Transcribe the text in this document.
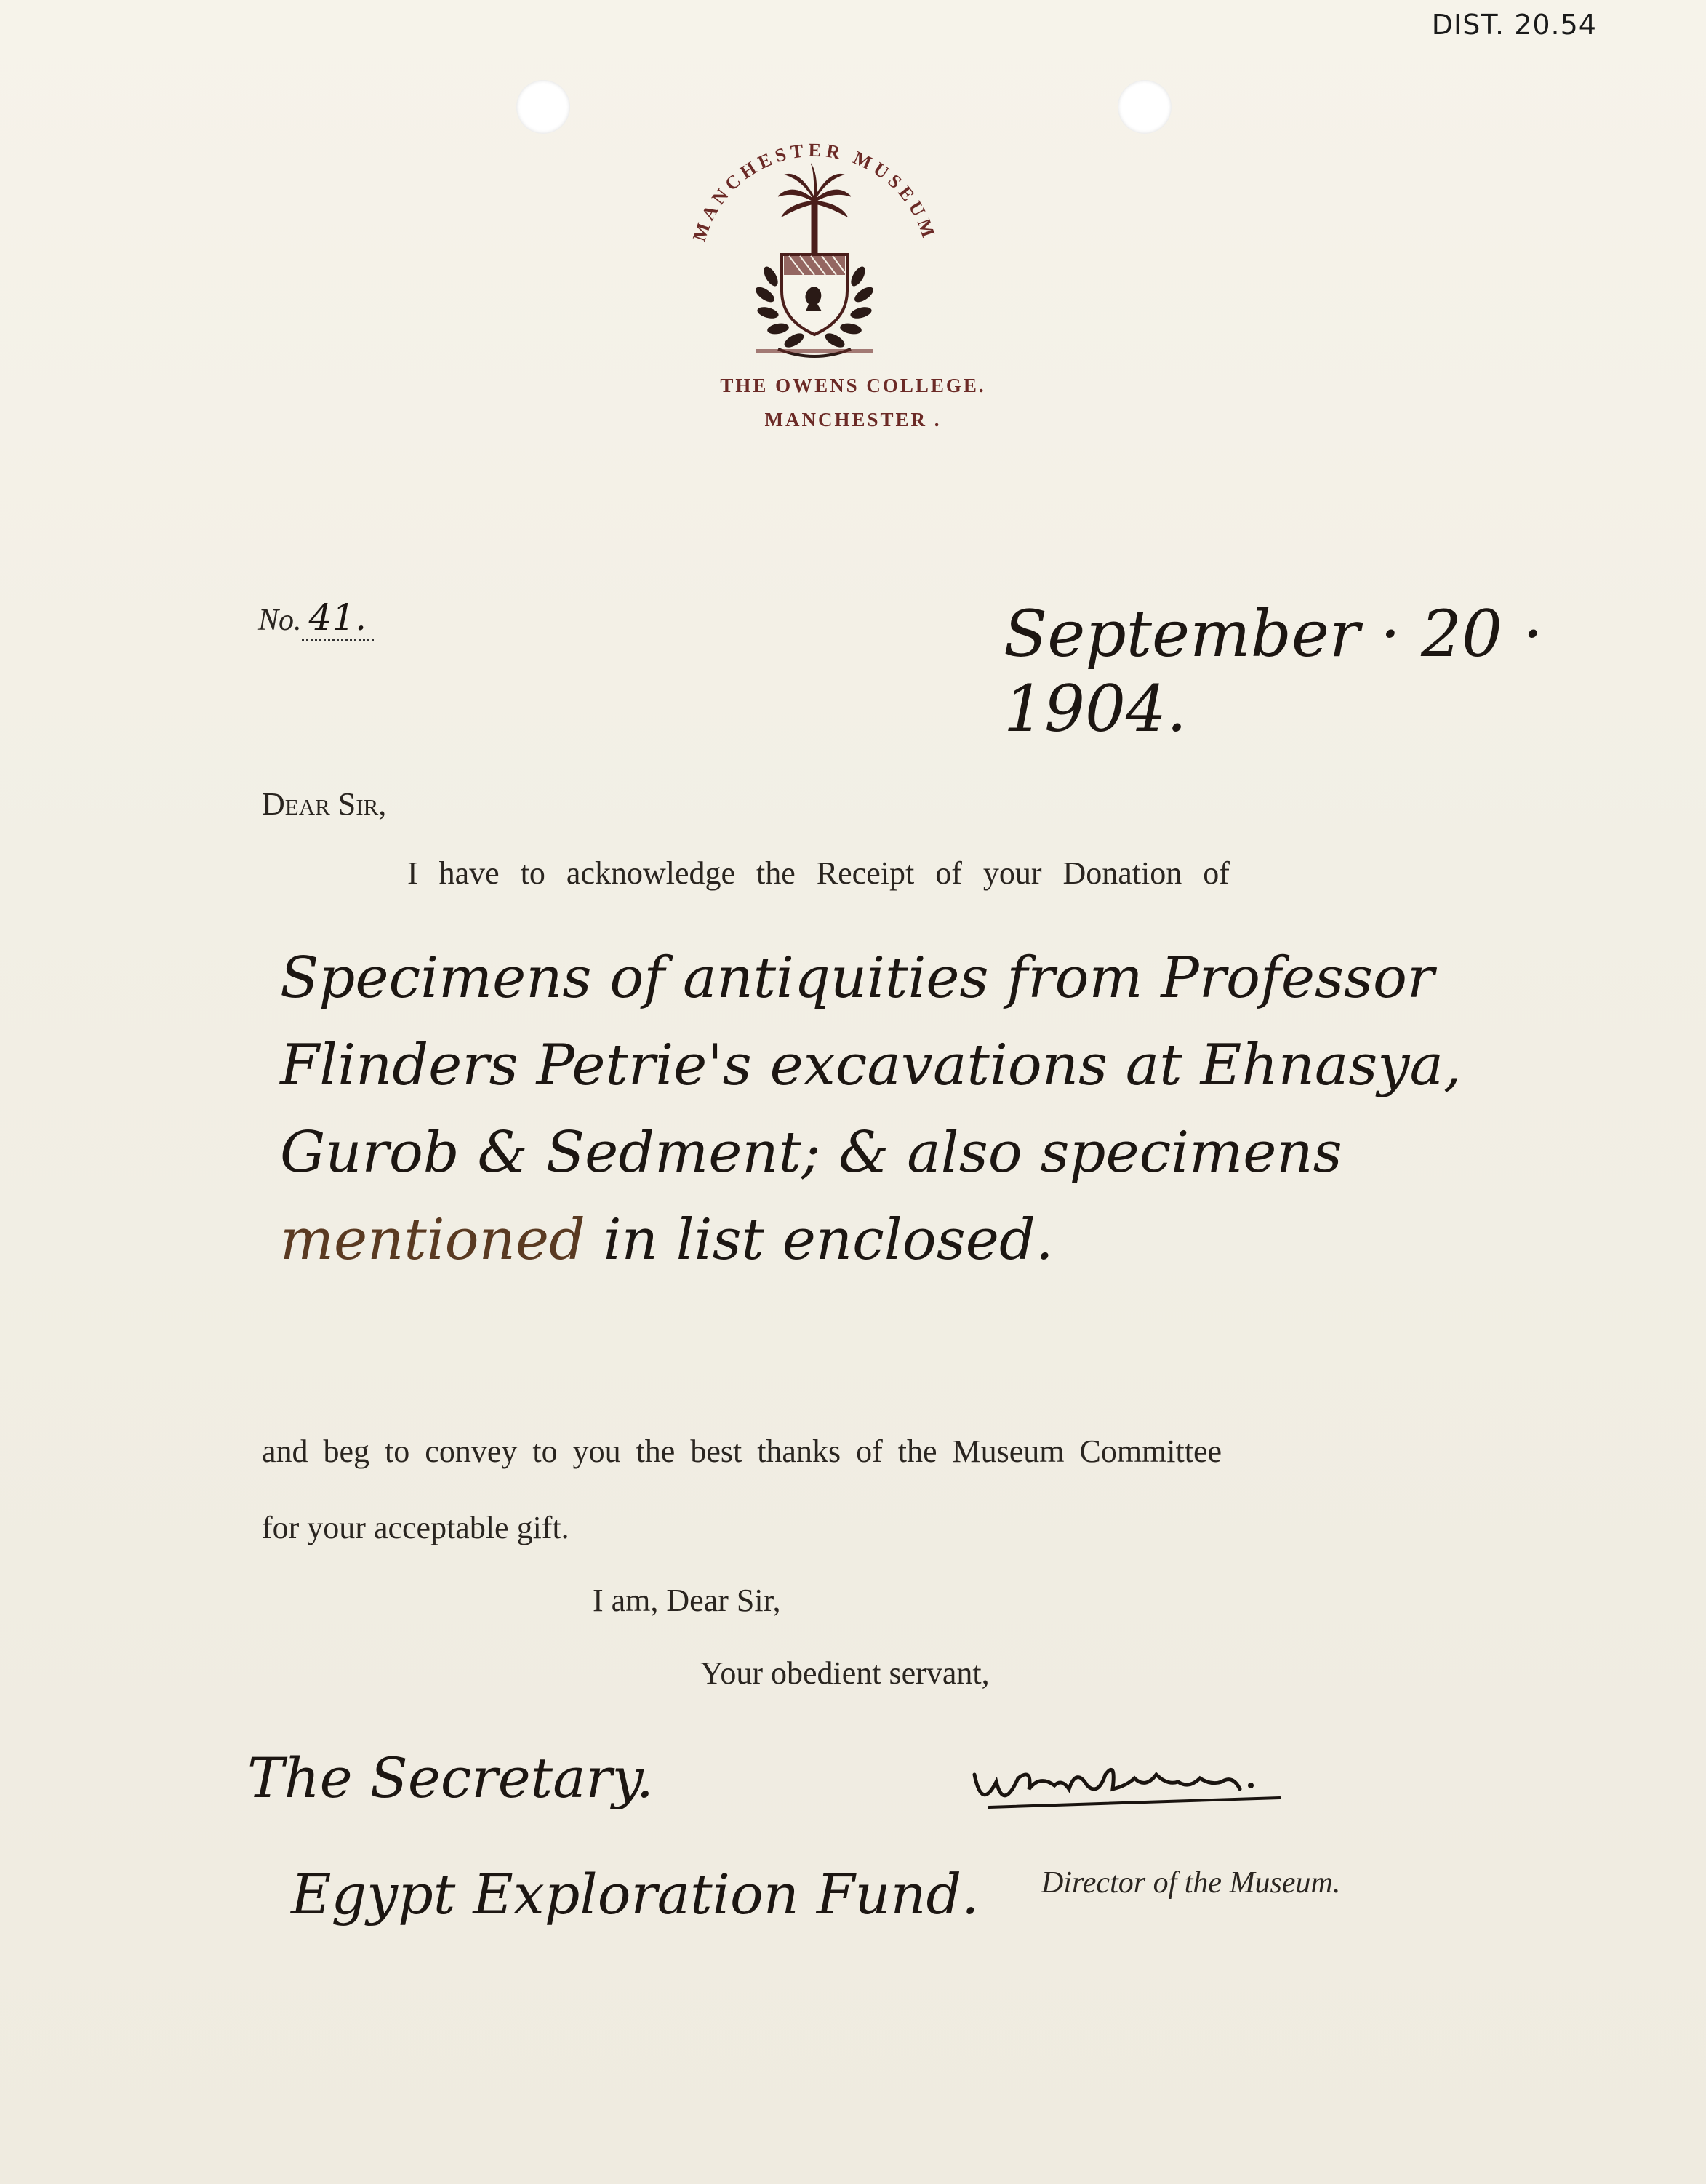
DIST. 20.54
MANCHESTER MUSEUM
THE OWENS COLLEGE.
MANCHESTER .
No. 41.	September · 20 · 1904.
Dear Sir,
I have to acknowledge the Receipt of your Donation of
Specimens of antiquities from Professor
Flinders Petrie's excavations at Ehnasya,
Gurob & Sedment; & also specimens
mentioned in list enclosed.
and beg to convey to you the best thanks of the Museum Committee
for your acceptable gift.
I am, Dear Sir,
Your obedient servant,
The Secretary.
Egypt Exploration Fund. Director of the Museum.
